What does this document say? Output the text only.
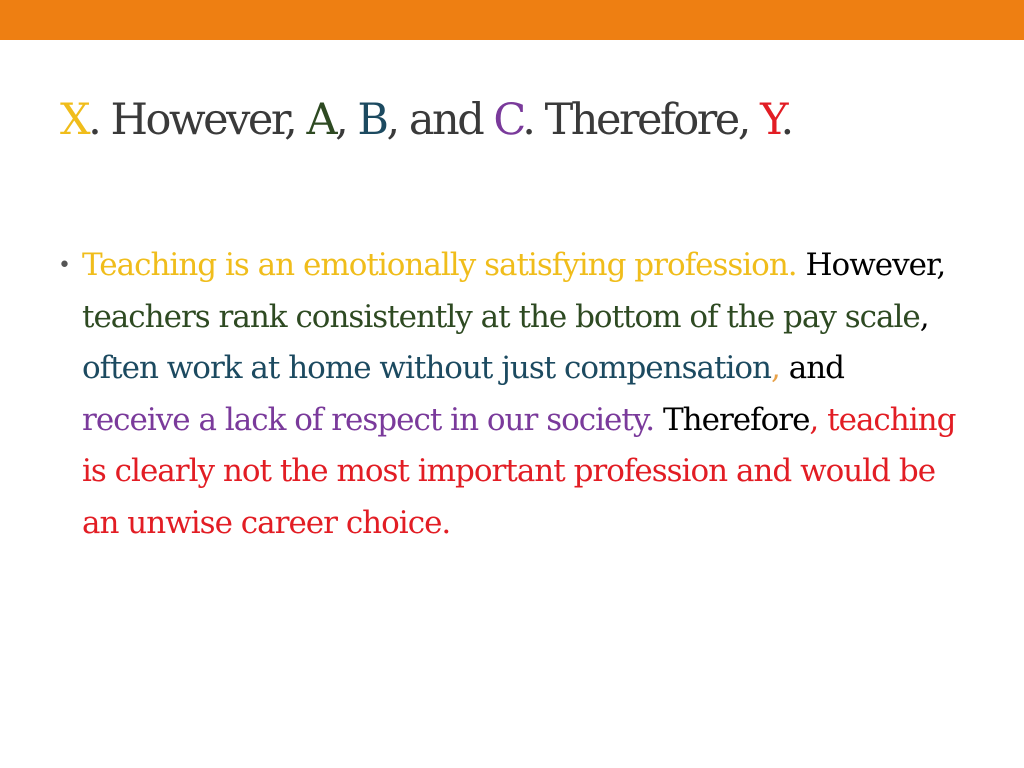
X. However, A, B, and C. Therefore, Y.
• Teaching is an emotionally satisfying profession. However, teachers rank consistently at the bottom of the pay scale, often work at home without just compensation, and receive a lack of respect in our society. Therefore, teaching is clearly not the most important profession and would be an unwise career choice.
